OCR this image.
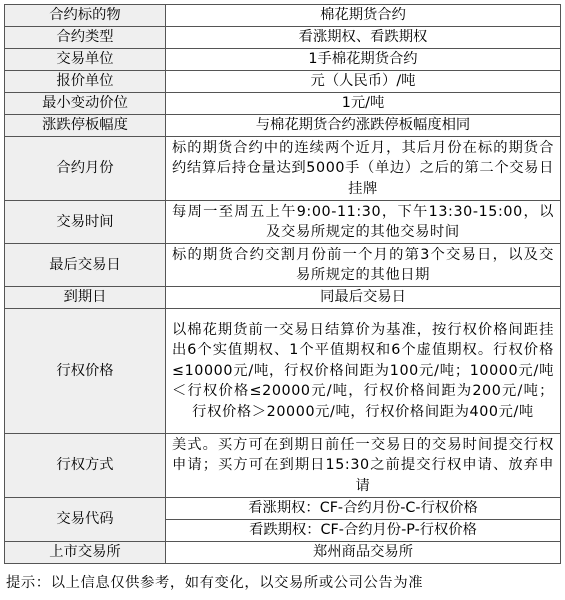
合约标的物	棉花期货合约
合约类型	看涨期权、看跌期权
交易单位	1手棉花期货合约
报价单位	元（人民币）/吨
最小变动价位	1元/吨
涨跌停板幅度	与棉花期货合约涨跌停板幅度相同
合约月份	标的期货合约中的连续两个近月，其后月份在标的期货合约结算后持仓量达到5000手（单边）之后的第二个交易日挂牌
交易时间	每周一至周五上午9:00-11:30，下午13:30-15:00，以及交易所规定的其他交易时间
最后交易日	标的期货合约交割月份前一个月的第3个交易日，以及交易所规定的其他日期
到期日	同最后交易日
行权价格	以棉花期货前一交易日结算价为基准，按行权价格间距挂出6个实值期权、1个平值期权和6个虚值期权。行权价格≤10000元/吨，行权价格间距为100元/吨；10000元/吨＜行权价格≤20000元/吨，行权价格间距为200元/吨；行权价格＞20000元/吨，行权价格间距为400元/吨
行权方式	美式。买方可在到期日前任一交易日的交易时间提交行权申请；买方可在到期日15:30之前提交行权申请、放弃申请
交易代码	看涨期权：CF-合约月份-C-行权价格
	看跌期权：CF-合约月份-P-行权价格
上市交易所	郑州商品交易所
提示：以上信息仅供参考，如有变化，以交易所或公司公告为准
